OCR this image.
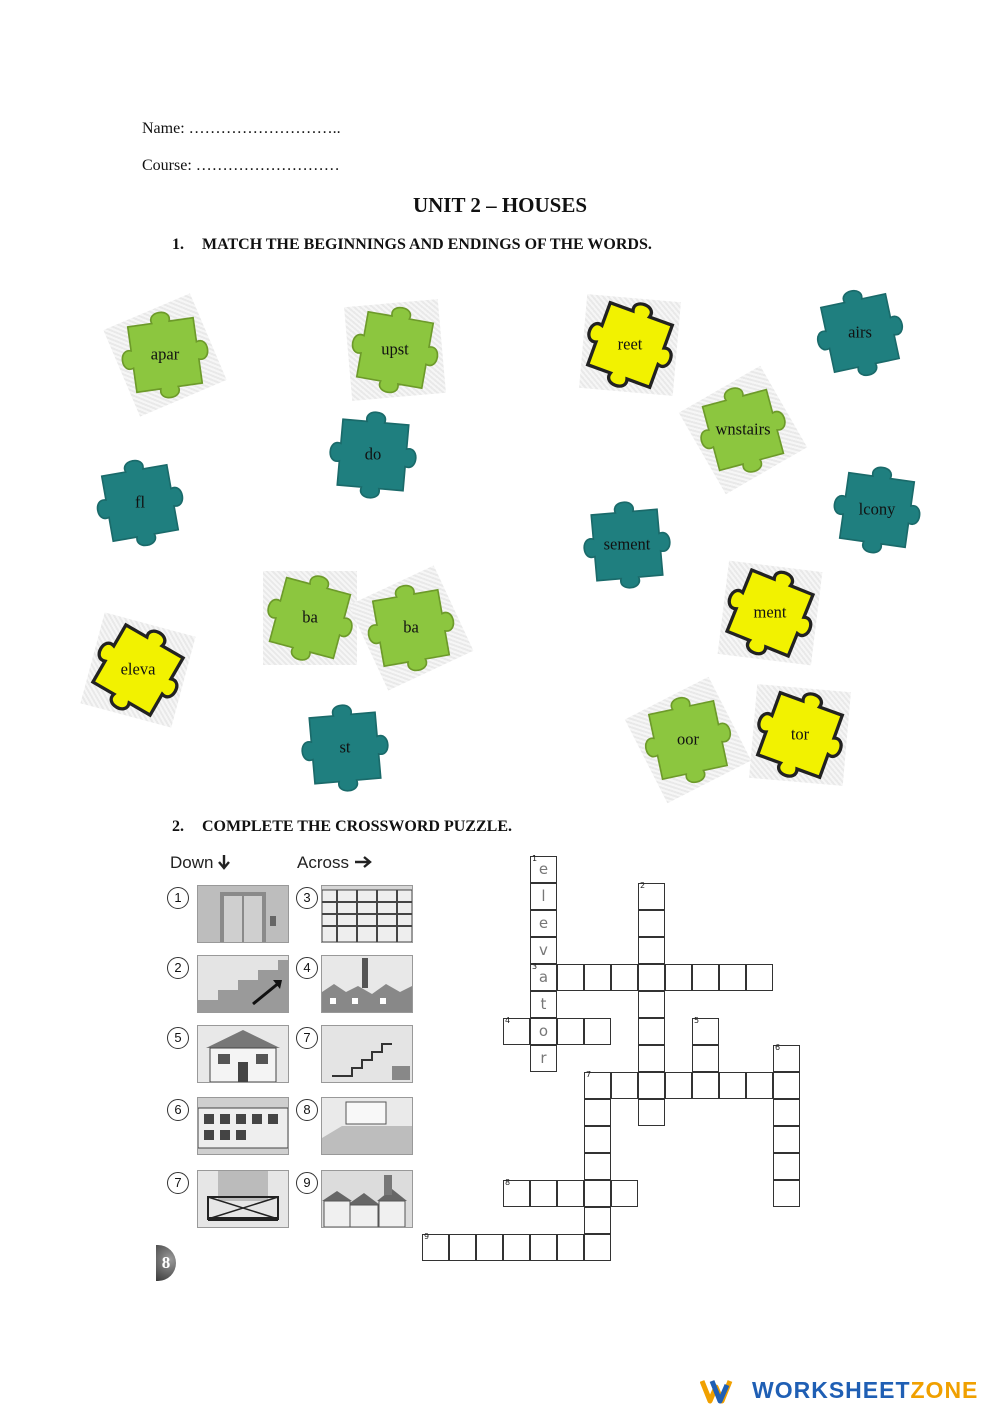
Name: ………………………..
Course: ………………………
UNIT 2 – HOUSES
1. MATCH THE BEGINNINGS AND ENDINGS OF THE WORDS.
apar	upst	reet
airs
wnstairs
do
fl	lcony
sement
ba
ba
ment
eleva
st	oor	tor
2. COMPLETE THE CROSSWORD PUZZLE.
Down	Across
1
2
5
6
7
3
4
7
8
9
1
e
l
e
v
3
a
t
o
r
2
4	5
6
7
8
9
8
WORKSHEETZONE
